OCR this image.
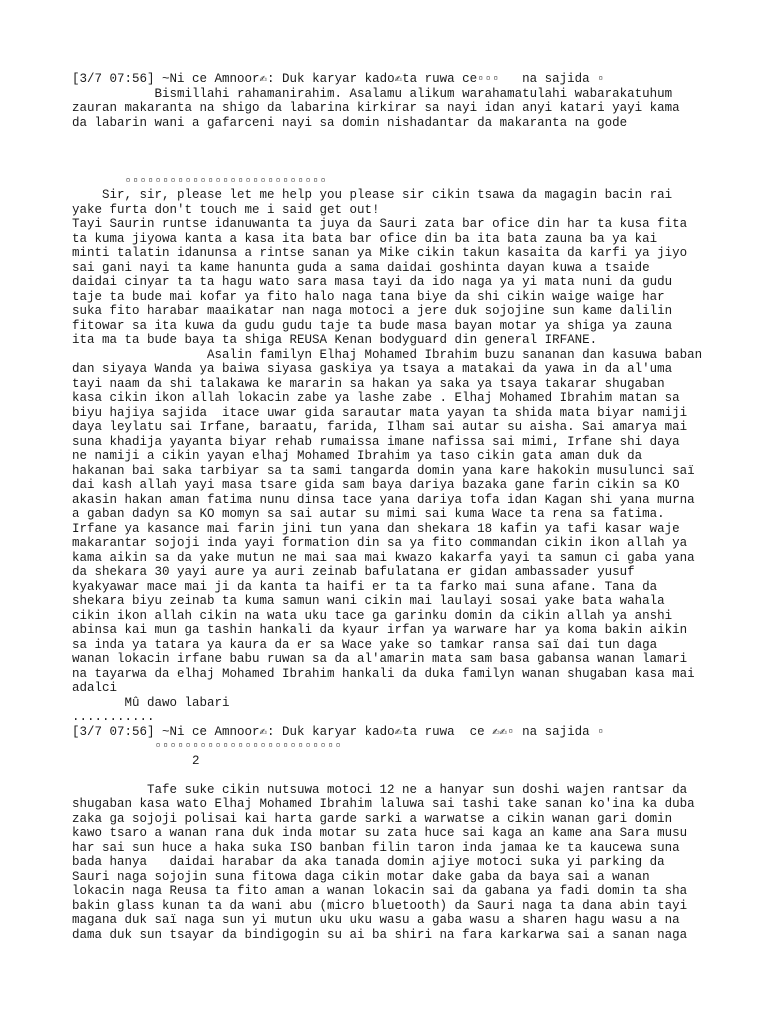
[3/7 07:56] ~Ni ce Amnoor✍: Duk karyar kado✍ta ruwa ce▫▫▫   na sajida ▫
Bismillahi rahamanirahim. Asalamu alikum warahamatulahi wabarakatuhum
zauran makaranta na shigo da labarina kirkirar sa nayi idan anyi katari yayi kama
da labarin wani a gafarceni nayi sa domin nishadantar da makaranta na gode

▫▫▫▫▫▫▫▫▫▫▫▫▫▫▫▫▫▫▫▫▫▫▫▫▫▫▫
Sir, sir, please let me help you please sir cikin tsawa da magagin bacin rai
yake furta don't touch me i said get out!
Tayi Saurin runtse idanuwanta ta juya da Sauri zata bar ofice din har ta kusa fita
ta kuma jiyowa kanta a kasa ita bata bar ofice din ba ita bata zauna ba ya kai
minti talatin idanunsa a rintse sanan ya Mike cikin takun kasaita da karfi ya jiyo
sai gani nayi ta kame hanunta guda a sama daidai goshinta dayan kuwa a tsaide
daidai cinyar ta ta hagu wato sara masa tayi da ido naga ya yi mata nuni da gudu
taje ta bude mai kofar ya fito halo naga tana biye da shi cikin waige waige har
suka fito harabar maaikatar nan naga motoci a jere duk sojojine sun kame dalilin
fitowar sa ita kuwa da gudu gudu taje ta bude masa bayan motar ya shiga ya zauna
ita ma ta bude baya ta shiga REUSA Kenan bodyguard din general IRFANE.
Asalin familyn Elhaj Mohamed Ibrahim buzu sananan dan kasuwa baban
dan siyaya Wanda ya baiwa siyasa gaskiya ya tsaya a matakai da yawa in da al'uma
tayi naam da shi talakawa ke mararin sa hakan ya saka ya tsaya takarar shugaban
kasa cikin ikon allah lokacin zabe ya lashe zabe . Elhaj Mohamed Ibrahim matan sa
biyu hajiya sajida  itace uwar gida sarautar mata yayan ta shida mata biyar namiji
daya leylatu sai Irfane, baraatu, farida, Ilham sai autar su aisha. Sai amarya mai
suna khadija yayanta biyar rehab rumaissa imane nafissa sai mimi, Irfane shi daya
ne namiji a cikin yayan elhaj Mohamed Ibrahim ya taso cikin gata aman duk da
hakanan bai saka tarbiyar sa ta sami tangarda domin yana kare hakokin musulunci saï
dai kash allah yayi masa tsare gida sam baya dariya bazaka gane farin cikin sa KO
akasin hakan aman fatima nunu dinsa tace yana dariya tofa idan Kagan shi yana murna
a gaban dadyn sa KO momyn sa sai autar su mimi sai kuma Wace ta rena sa fatima.
Irfane ya kasance mai farin jini tun yana dan shekara 18 kafin ya tafi kasar waje
makarantar sojoji inda yayi formation din sa ya fito commandan cikin ikon allah ya
kama aikin sa da yake mutun ne mai saa mai kwazo kakarfa yayi ta samun ci gaba yana
da shekara 30 yayi aure ya auri zeinab bafulatana er gidan ambassader yusuf
kyakyawar mace mai ji da kanta ta haifi er ta ta farko mai suna afane. Tana da
shekara biyu zeinab ta kuma samun wani cikin mai laulayi sosai yake bata wahala
cikin ikon allah cikin na wata uku tace ga garinku domin da cikin allah ya anshi
abinsa kai mun ga tashin hankali da kyaur irfan ya warware har ya koma bakin aikin
sa inda ya tatara ya kaura da er sa Wace yake so tamkar ransa saï dai tun daga
wanan lokacin irfane babu ruwan sa da al'amarin mata sam basa gabansa wanan lamari
na tayarwa da elhaj Mohamed Ibrahim hankali da duka familyn wanan shugaban kasa mai
adalci
Mû dawo labari
...........
[3/7 07:56] ~Ni ce Amnoor✍: Duk karyar kado✍ta ruwa  ce ✍✍▫ na sajida ▫
▫▫▫▫▫▫▫▫▫▫▫▫▫▫▫▫▫▫▫▫▫▫▫▫▫
2

Tafe suke cikin nutsuwa motoci 12 ne a hanyar sun doshi wajen rantsar da
shugaban kasa wato Elhaj Mohamed Ibrahim laluwa sai tashi take sanan ko'ina ka duba
zaka ga sojoji polisai kai harta garde sarki a warwatse a cikin wanan gari domin
kawo tsaro a wanan rana duk inda motar su zata huce sai kaga an kame ana Sara musu
har sai sun huce a haka suka ISO banban filin taron inda jamaa ke ta kaucewa suna
bada hanya   daidai harabar da aka tanada domin ajiye motoci suka yi parking da
Sauri naga sojojin suna fitowa daga cikin motar dake gaba da baya sai a wanan
lokacin naga Reusa ta fito aman a wanan lokacin sai da gabana ya fadi domin ta sha
bakin glass kunan ta da wani abu (micro bluetooth) da Sauri naga ta dana abin tayi
magana duk saï naga sun yi mutun uku uku wasu a gaba wasu a sharen hagu wasu a na
dama duk sun tsayar da bindigogin su ai ba shiri na fara karkarwa sai a sanan naga
